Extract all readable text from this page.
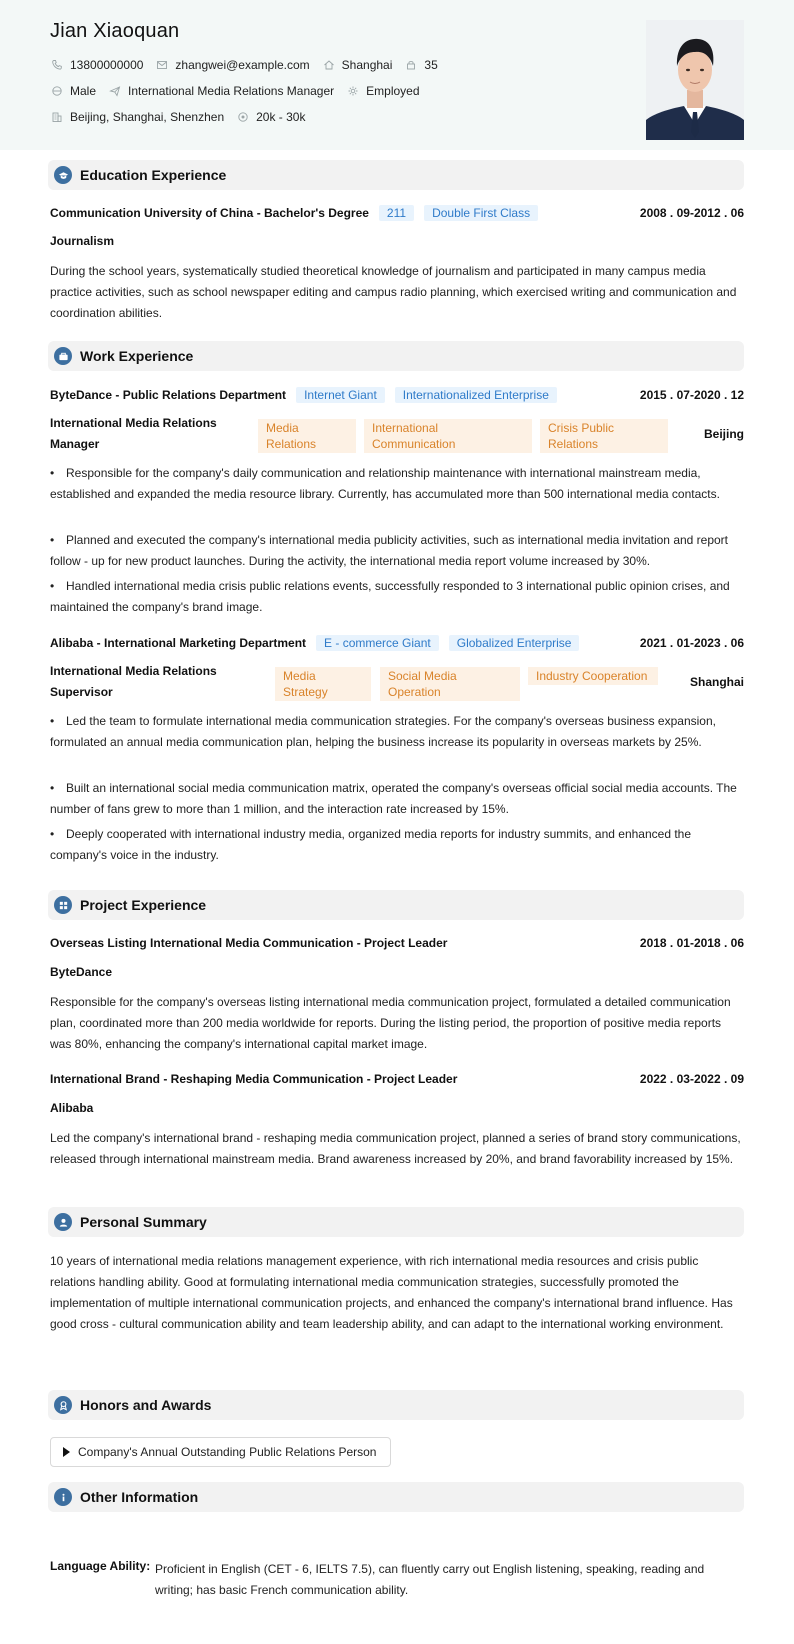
Jian Xiaoquan
13800000000	zhangwei@example.com	Shanghai	35
Male	International Media Relations Manager	Employed
Beijing, Shanghai, Shenzhen	20k - 30k
Education Experience
Communication University of China - Bachelor's Degree	211	Double First Class	2008 . 09-2012 . 06
Journalism
During the school years, systematically studied theoretical knowledge of journalism and participated in many campus media practice activities, such as school newspaper editing and campus radio planning, which exercised writing and communication and coordination abilities.
Work Experience
ByteDance - Public Relations Department	Internet Giant	Internationalized Enterprise	2015 . 07-2020 . 12
International Media Relations Manager
Media Relations
International Communication
Crisis Public Relations
Beijing
• Responsible for the company's daily communication and relationship maintenance with international mainstream media, established and expanded the media resource library. Currently, has accumulated more than 500 international media contacts.
• Planned and executed the company's international media publicity activities, such as international media invitation and report follow - up for new product launches. During the activity, the international media report volume increased by 30%.
• Handled international media crisis public relations events, successfully responded to 3 international public opinion crises, and maintained the company's brand image.
Alibaba - International Marketing Department	E - commerce Giant	Globalized Enterprise	2021 . 01-2023 . 06
International Media Relations Supervisor
Media Strategy
Social Media Operation
Industry Cooperation	Shanghai
• Led the team to formulate international media communication strategies. For the company's overseas business expansion, formulated an annual media communication plan, helping the business increase its popularity in overseas markets by 25%.
• Built an international social media communication matrix, operated the company's overseas official social media accounts. The number of fans grew to more than 1 million, and the interaction rate increased by 15%.
• Deeply cooperated with international industry media, organized media reports for industry summits, and enhanced the company's voice in the industry.
Project Experience
Overseas Listing International Media Communication - Project Leader	2018 . 01-2018 . 06
ByteDance
Responsible for the company's overseas listing international media communication project, formulated a detailed communication plan, coordinated more than 200 media worldwide for reports. During the listing period, the proportion of positive media reports was 80%, enhancing the company's international capital market image.
International Brand - Reshaping Media Communication - Project Leader	2022 . 03-2022 . 09
Alibaba
Led the company's international brand - reshaping media communication project, planned a series of brand story communications, released through international mainstream media. Brand awareness increased by 20%, and brand favorability increased by 15%.
Personal Summary
10 years of international media relations management experience, with rich international media resources and crisis public relations handling ability. Good at formulating international media communication strategies, successfully promoted the implementation of multiple international communication projects, and enhanced the company's international brand influence. Has good cross - cultural communication ability and team leadership ability, and can adapt to the international working environment.
Honors and Awards
Company's Annual Outstanding Public Relations Person
Other Information
Language Ability: Proficient in English (CET - 6, IELTS 7.5), can fluently carry out English listening, speaking, reading and writing; has basic French communication ability.
